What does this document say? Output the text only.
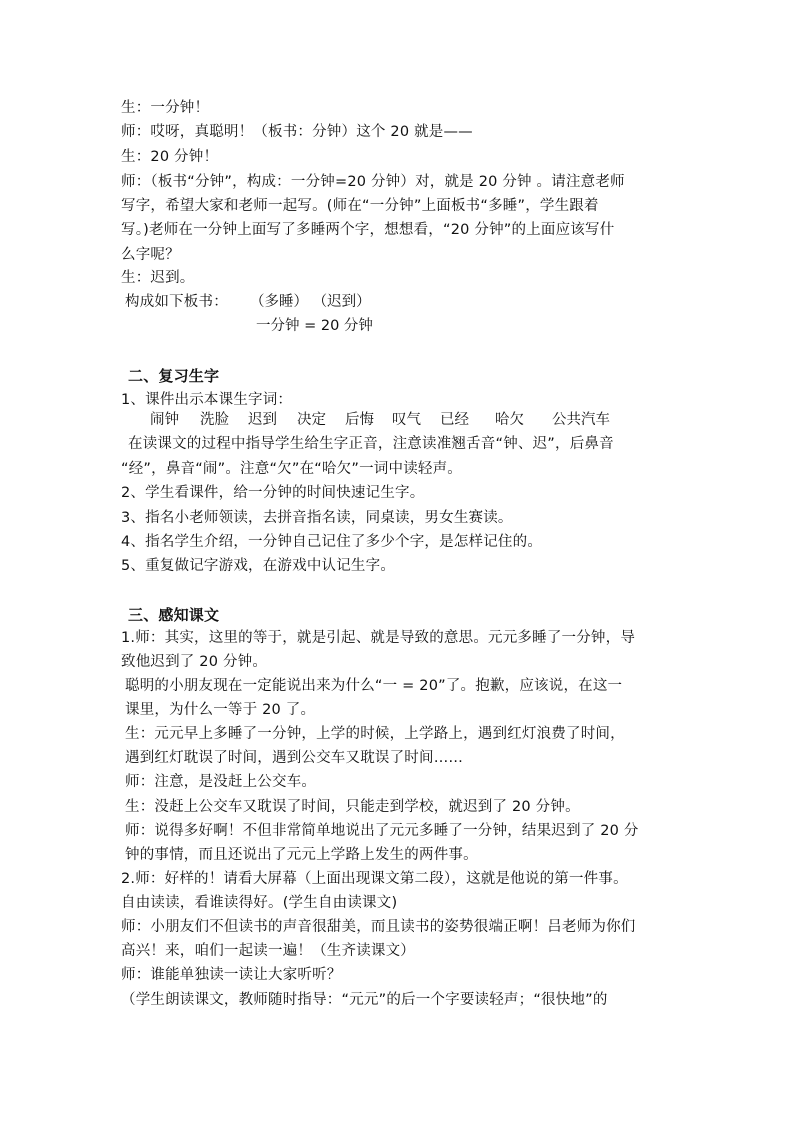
生：一分钟！
师：哎呀，真聪明！（板书：分钟）这个 20 就是——
生：20 分钟！
师：（板书“分钟”，构成：一分钟=20 分钟）对，就是 20 分钟 。请注意老师
写字，希望大家和老师一起写。(师在“一分钟”上面板书“多睡”，学生跟着
写。)老师在一分钟上面写了多睡两个字，想想看，“20 分钟”的上面应该写什
么字呢？
生：迟到。
构成如下板书：	（多睡） （迟到）
一分钟 = 20 分钟
二、复习生字
1、课件出示本课生字词：
闹钟 洗脸 迟到 决定 后悔 叹气 已经 哈欠 公共汽车
在读课文的过程中指导学生给生字正音，注意读准翘舌音“钟、迟”，后鼻音
“经”，鼻音“闹”。注意“欠”在“哈欠”一词中读轻声。
2、学生看课件，给一分钟的时间快速记生字。
3、指名小老师领读，去拼音指名读，同桌读，男女生赛读。
4、指名学生介绍，一分钟自己记住了多少个字，是怎样记住的。
5、重复做记字游戏，在游戏中认记生字。
三、感知课文
1.师：其实，这里的等于，就是引起、就是导致的意思。元元多睡了一分钟，导
致他迟到了 20 分钟。
聪明的小朋友现在一定能说出来为什么“一 = 20”了。抱歉，应该说，在这一
课里，为什么一等于 20 了。
生：元元早上多睡了一分钟，上学的时候，上学路上，遇到红灯浪费了时间，
遇到红灯耽误了时间，遇到公交车又耽误了时间……
师：注意，是没赶上公交车。
生：没赶上公交车又耽误了时间，只能走到学校，就迟到了 20 分钟。
师：说得多好啊！不但非常简单地说出了元元多睡了一分钟，结果迟到了 20 分
钟的事情，而且还说出了元元上学路上发生的两件事。
2.师：好样的！请看大屏幕（上面出现课文第二段），这就是他说的第一件事。
自由读读，看谁读得好。(学生自由读课文)
师：小朋友们不但读书的声音很甜美，而且读书的姿势很端正啊！吕老师为你们
高兴！来，咱们一起读一遍！（生齐读课文）
师：谁能单独读一读让大家听听？
（学生朗读课文，教师随时指导：“元元”的后一个字要读轻声；“很快地”的
